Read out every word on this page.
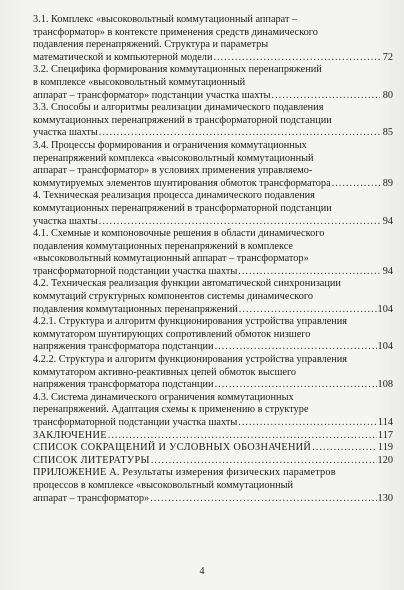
3.1. Комплекс «высоковольтный коммутационный аппарат –
трансформатор» в контексте применения средств динамического
подавления перенапряжений. Структура и параметры
математической и компьютерной модели .....	72
3.2. Специфика формирования коммутационных перенапряжений
в комплексе «высоковольтный коммутационный
аппарат – трансформатор» подстанции участка шахты .....	80
3.3. Способы и алгоритмы реализации динамического подавления
коммутационных перенапряжений в трансформаторной подстанции
участка шахты .....	85
3.4. Процессы формирования и ограничения коммутационных
перенапряжений комплекса «высоковольтный коммутационный
аппарат – трансформатор» в условиях применения управляемо-
коммутируемых элементов шунтирования обмоток трансформатора .....	89
4. Техническая реализация процесса динамического подавления
коммутационных перенапряжений в трансформаторной подстанции
участка шахты .....	94
4.1. Схемные и компоновочные решения в области динамического
подавления коммутационных перенапряжений в комплексе
«высоковольтный коммутационный аппарат – трансформатор»
трансформаторной подстанции участка шахты .....	94
4.2. Техническая реализация функции автоматической синхронизации
коммутаций структурных компонентов системы динамического
подавления коммутационных перенапряжений .....	104
4.2.1. Структура и алгоритм функционирования устройства управления
коммутатором шунтирующих сопротивлений обмоток низшего
напряжения трансформатора подстанции .....	104
4.2.2. Структура и алгоритм функционирования устройства управления
коммутатором активно-реактивных цепей обмоток высшего
напряжения трансформатора подстанции .....	108
4.3. Система динамического ограничения коммутационных
перенапряжений. Адаптация схемы к применению в структуре
трансформаторной подстанции участка шахты .....	114
ЗАКЛЮЧЕНИЕ .....	117
СПИСОК СОКРАЩЕНИЙ И УСЛОВНЫХ ОБОЗНАЧЕНИЙ .....	119
СПИСОК ЛИТЕРАТУРЫ .....	120
ПРИЛОЖЕНИЕ А. Результаты измерения физических параметров
процессов в комплексе «высоковольтный коммутационный
аппарат – трансформатор» .....	130
4
